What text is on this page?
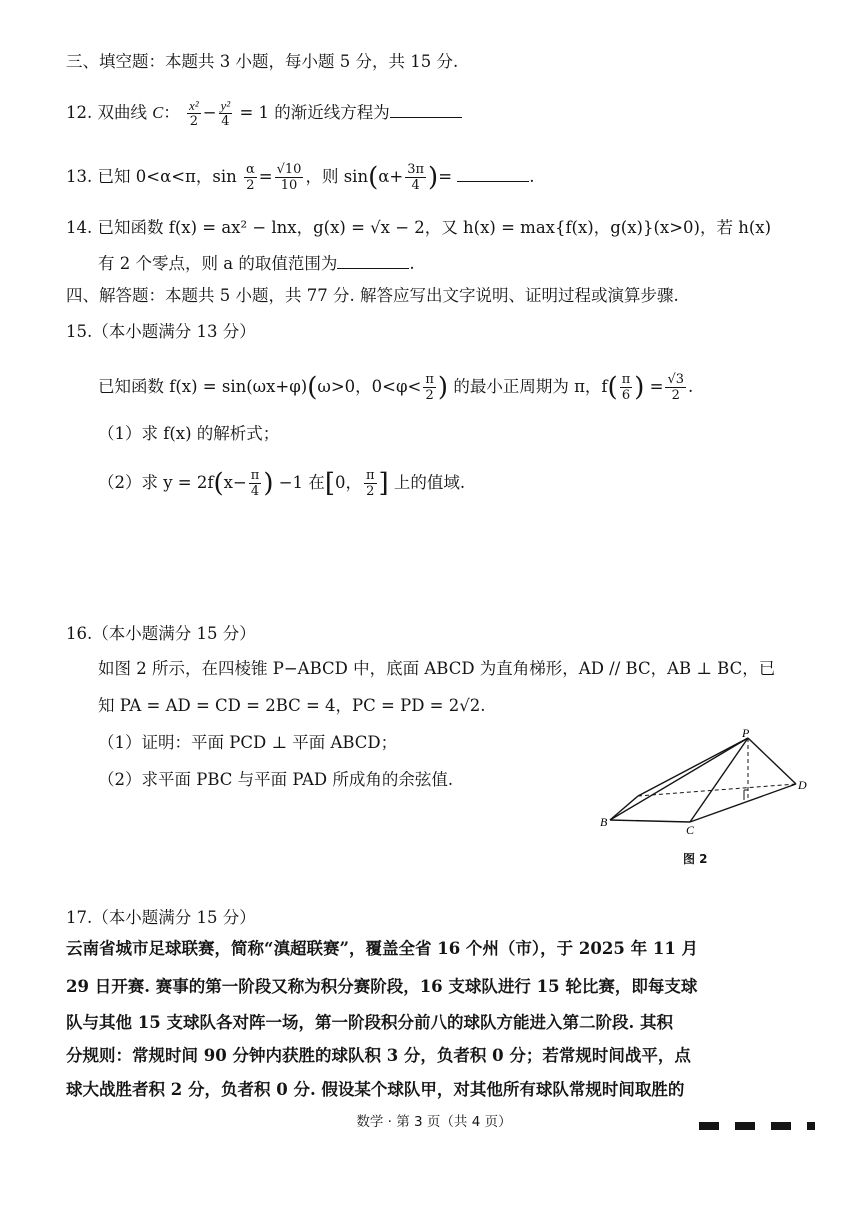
三、填空题：本题共 3 小题，每小题 5 分，共 15 分.
12. 双曲线 C： $\frac{\text{x²}}{2} - \frac{\text{y²}}{4} = 1$ 的渐近线方程为
13. 已知 0<α<π，$\sin \frac{\alpha}{2} = \frac{√10}{10}$ ，则 $\sin(\alpha+ \frac{3\pi}{4}$ )=	.
14. 已知函数 f(x) = ax² − lnx，g(x) = √x − 2，又 h(x) = max{f(x)，g(x)}(x>0)，若 h(x)
有 2 个零点，则 a 的取值范围为	.
四、解答题：本题共 5 小题，共 77 分. 解答应写出文字说明、证明过程或演算步骤.
15.（本小题满分 13 分）
已知函数 f(x) = sin(ωx+φ)(ω>0，$0<\varphi< \frac{\pi}{2}$ ) 的最小正周期为 π，$f( \frac{\pi}{6}$ ) = $\frac{√3}{2}$ .
（1）求 f(x) 的解析式；
（2）求 $y = 2f(x- \frac{\pi}{4}$ ) −1 在[0， $\frac{\pi}{2}$ ] 上的值域.
16.（本小题满分 15 分）
如图 2 所示，在四棱锥 P−ABCD 中，底面 ABCD 为直角梯形，AD // BC，AB ⊥ BC，已
知 PA = AD = CD = 2BC = 4，PC = PD = 2√2.
（1）证明：平面 PCD ⊥ 平面 ABCD；
（2）求平面 PBC 与平面 PAD 所成角的余弦值.
P
B
C
D
图 2
17.（本小题满分 15 分）
云南省城市足球联赛，简称“滇超联赛”，覆盖全省 16 个州（市），于 2025 年 11 月
29 日开赛. 赛事的第一阶段又称为积分赛阶段，16 支球队进行 15 轮比赛，即每支球
队与其他 15 支球队各对阵一场，第一阶段积分前八的球队方能进入第二阶段. 其积
分规则：常规时间 90 分钟内获胜的球队积 3 分，负者积 0 分；若常规时间战平，点
球大战胜者积 2 分，负者积 0 分. 假设某个球队甲，对其他所有球队常规时间取胜的
数学 · 第 3 页（共 4 页）
